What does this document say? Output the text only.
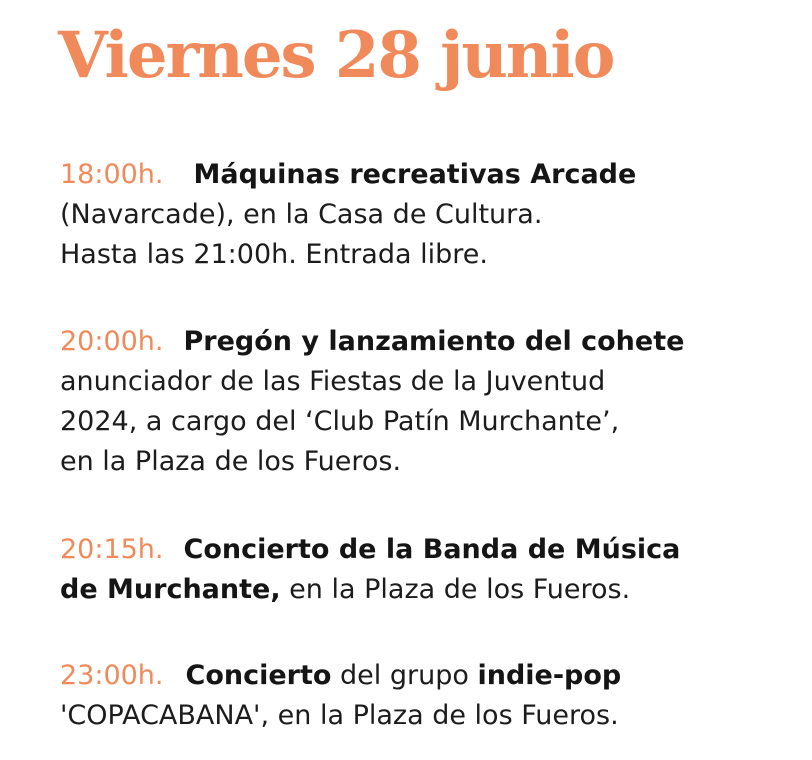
Viernes 28 junio

18:00h. Máquinas recreativas Arcade
(Navarcade), en la Casa de Cultura.
Hasta las 21:00h. Entrada libre.

20:00h. Pregón y lanzamiento del cohete
anunciador de las Fiestas de la Juventud
2024, a cargo del ‘Club Patín Murchante’,
en la Plaza de los Fueros.

20:15h. Concierto de la Banda de Música
de Murchante, en la Plaza de los Fueros.

23:00h. Concierto del grupo indie-pop
'COPACABANA', en la Plaza de los Fueros.
